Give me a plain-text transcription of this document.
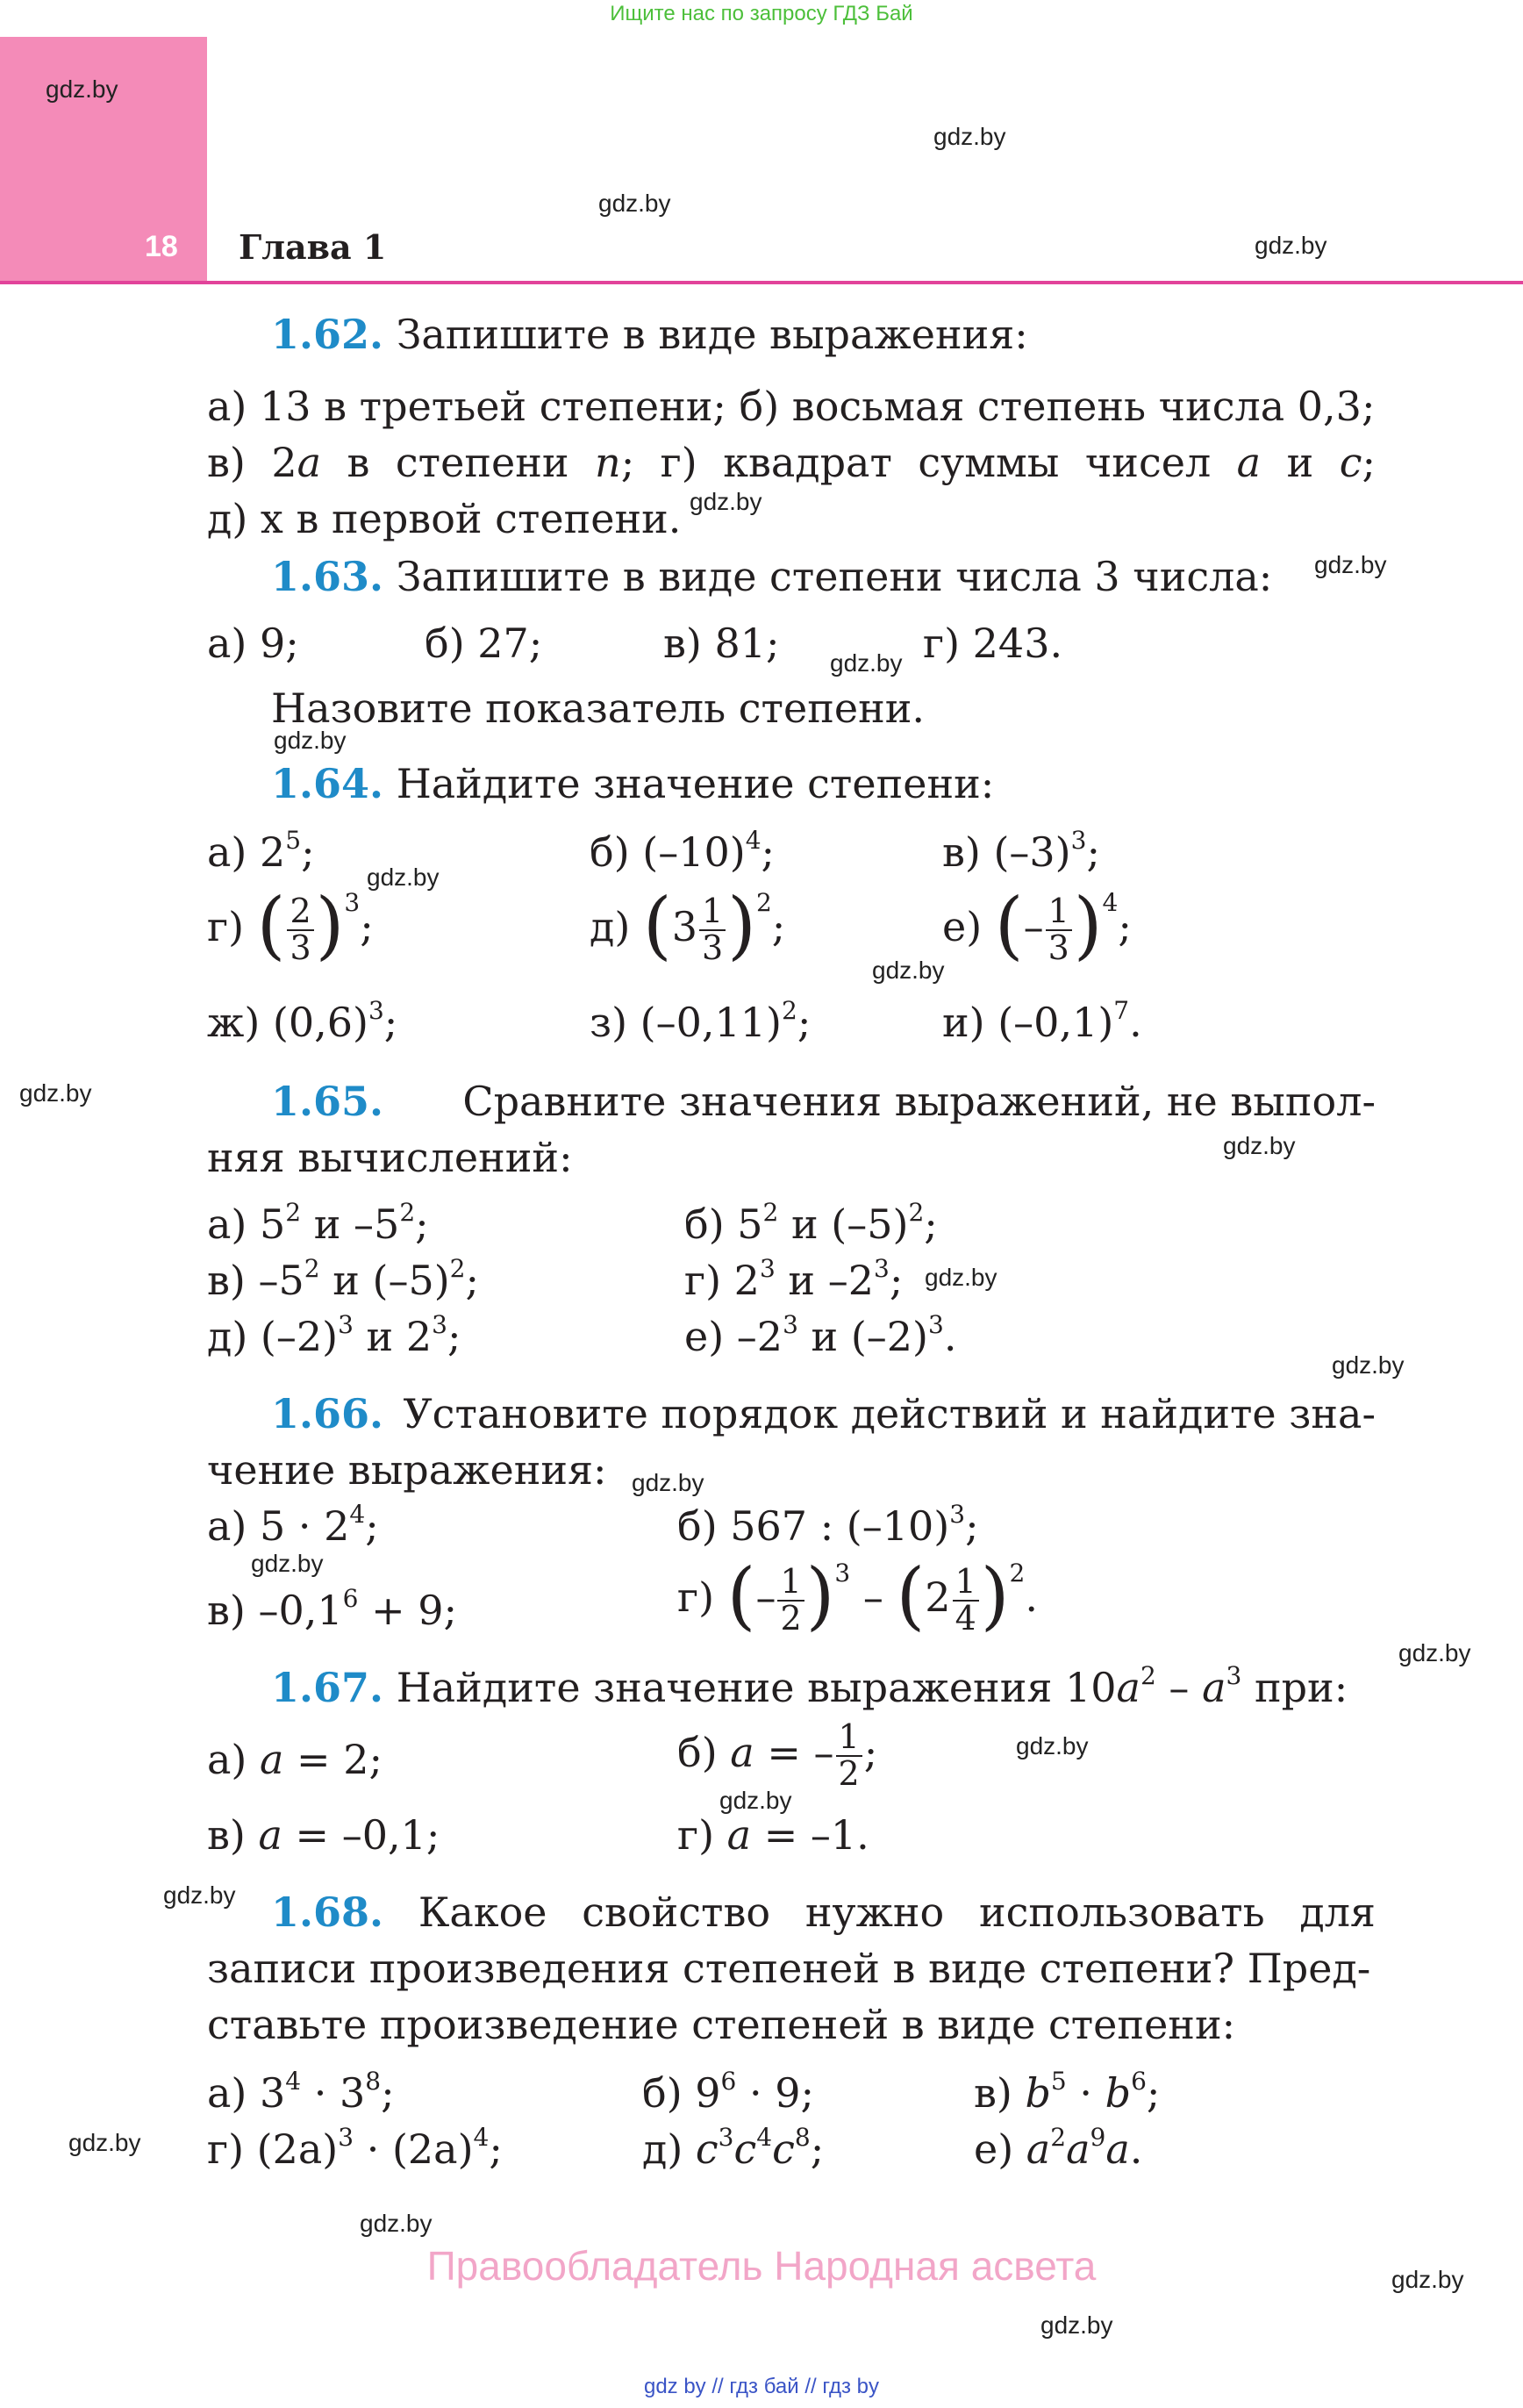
Ищите нас по запросу ГДЗ Бай
18 Глава 1
1.62. Запишите в виде выражения:
а) 13 в третьей степени; б) восьмая степень числа 0,3;
в) 2a в степени n; г) квадрат суммы чисел a и c;
д) x в первой степени.
1.63. Запишите в виде степени числа 3 числа:
а) 9;	б) 27;	в) 81;	г) 243.
Назовите показатель степени.
1.64. Найдите значение степени:
а) $2^5$;	б) $(-10)^4$;	в) $(-3)^3$;
г) ( $\frac{2}{3} )^3$;	д) $(3 \frac{1}{3} )^2$;	е) (– $\frac{1}{3} )^4$;
ж) $(0,6)^3$;	з) $(-0,11)^2$;	и) $(-0,1)^7$.
1.65. Сравните значения выражений, не выпол-
няя вычислений:
а) $5^2$ и $-5^2$;	б) $5^2$ и $(-5)^2$;
в) $-5^2$ и $(-5)^2$;	г) $2^3$ и $-2^3$;
д) $(-2)^3$ и $2^3$;	е) $-2^3$ и $(-2)^3$.
1.66. Установите порядок действий и найдите зна-
чение выражения:
а) $5 \cdot 2^4$;	б) 567 : $(-10)^3$;
в) $-0,1^6 + 9$;	г) (– $\frac{1}{2} )^3 - (2 \frac{1}{4} )^2$.
1.67. Найдите значение выражения $10a^2 - a^3$ при:
а) a = 2;	б) a = – $\frac{1}{2}$ ;
в) a = –0,1;	г) a = –1.
1.68. Какое свойство нужно использовать для
записи произведения степеней в виде степени? Пред-
ставьте произведение степеней в виде степени:
а) $3^4 \cdot 3^8$;	б) $9^6 \cdot 9$;	в) $b^5 \cdot b^6$;
г) $(2a)^3 \cdot (2a)^4$;	д) $c^3c^4c^8$;	е) $a^2a^9a$.
Правообладатель Народная асвета
gdz by // гдз бай // гдз by
gdz.by
gdz.by
gdz.by
gdz.by
gdz.by
gdz.by
gdz.by
gdz.by
gdz.by
gdz.by
gdz.by
gdz.by
gdz.by
gdz.by
gdz.by
gdz.by
gdz.by
gdz.by
gdz.by
gdz.by
gdz.by
gdz.by
gdz.by
gdz.by
